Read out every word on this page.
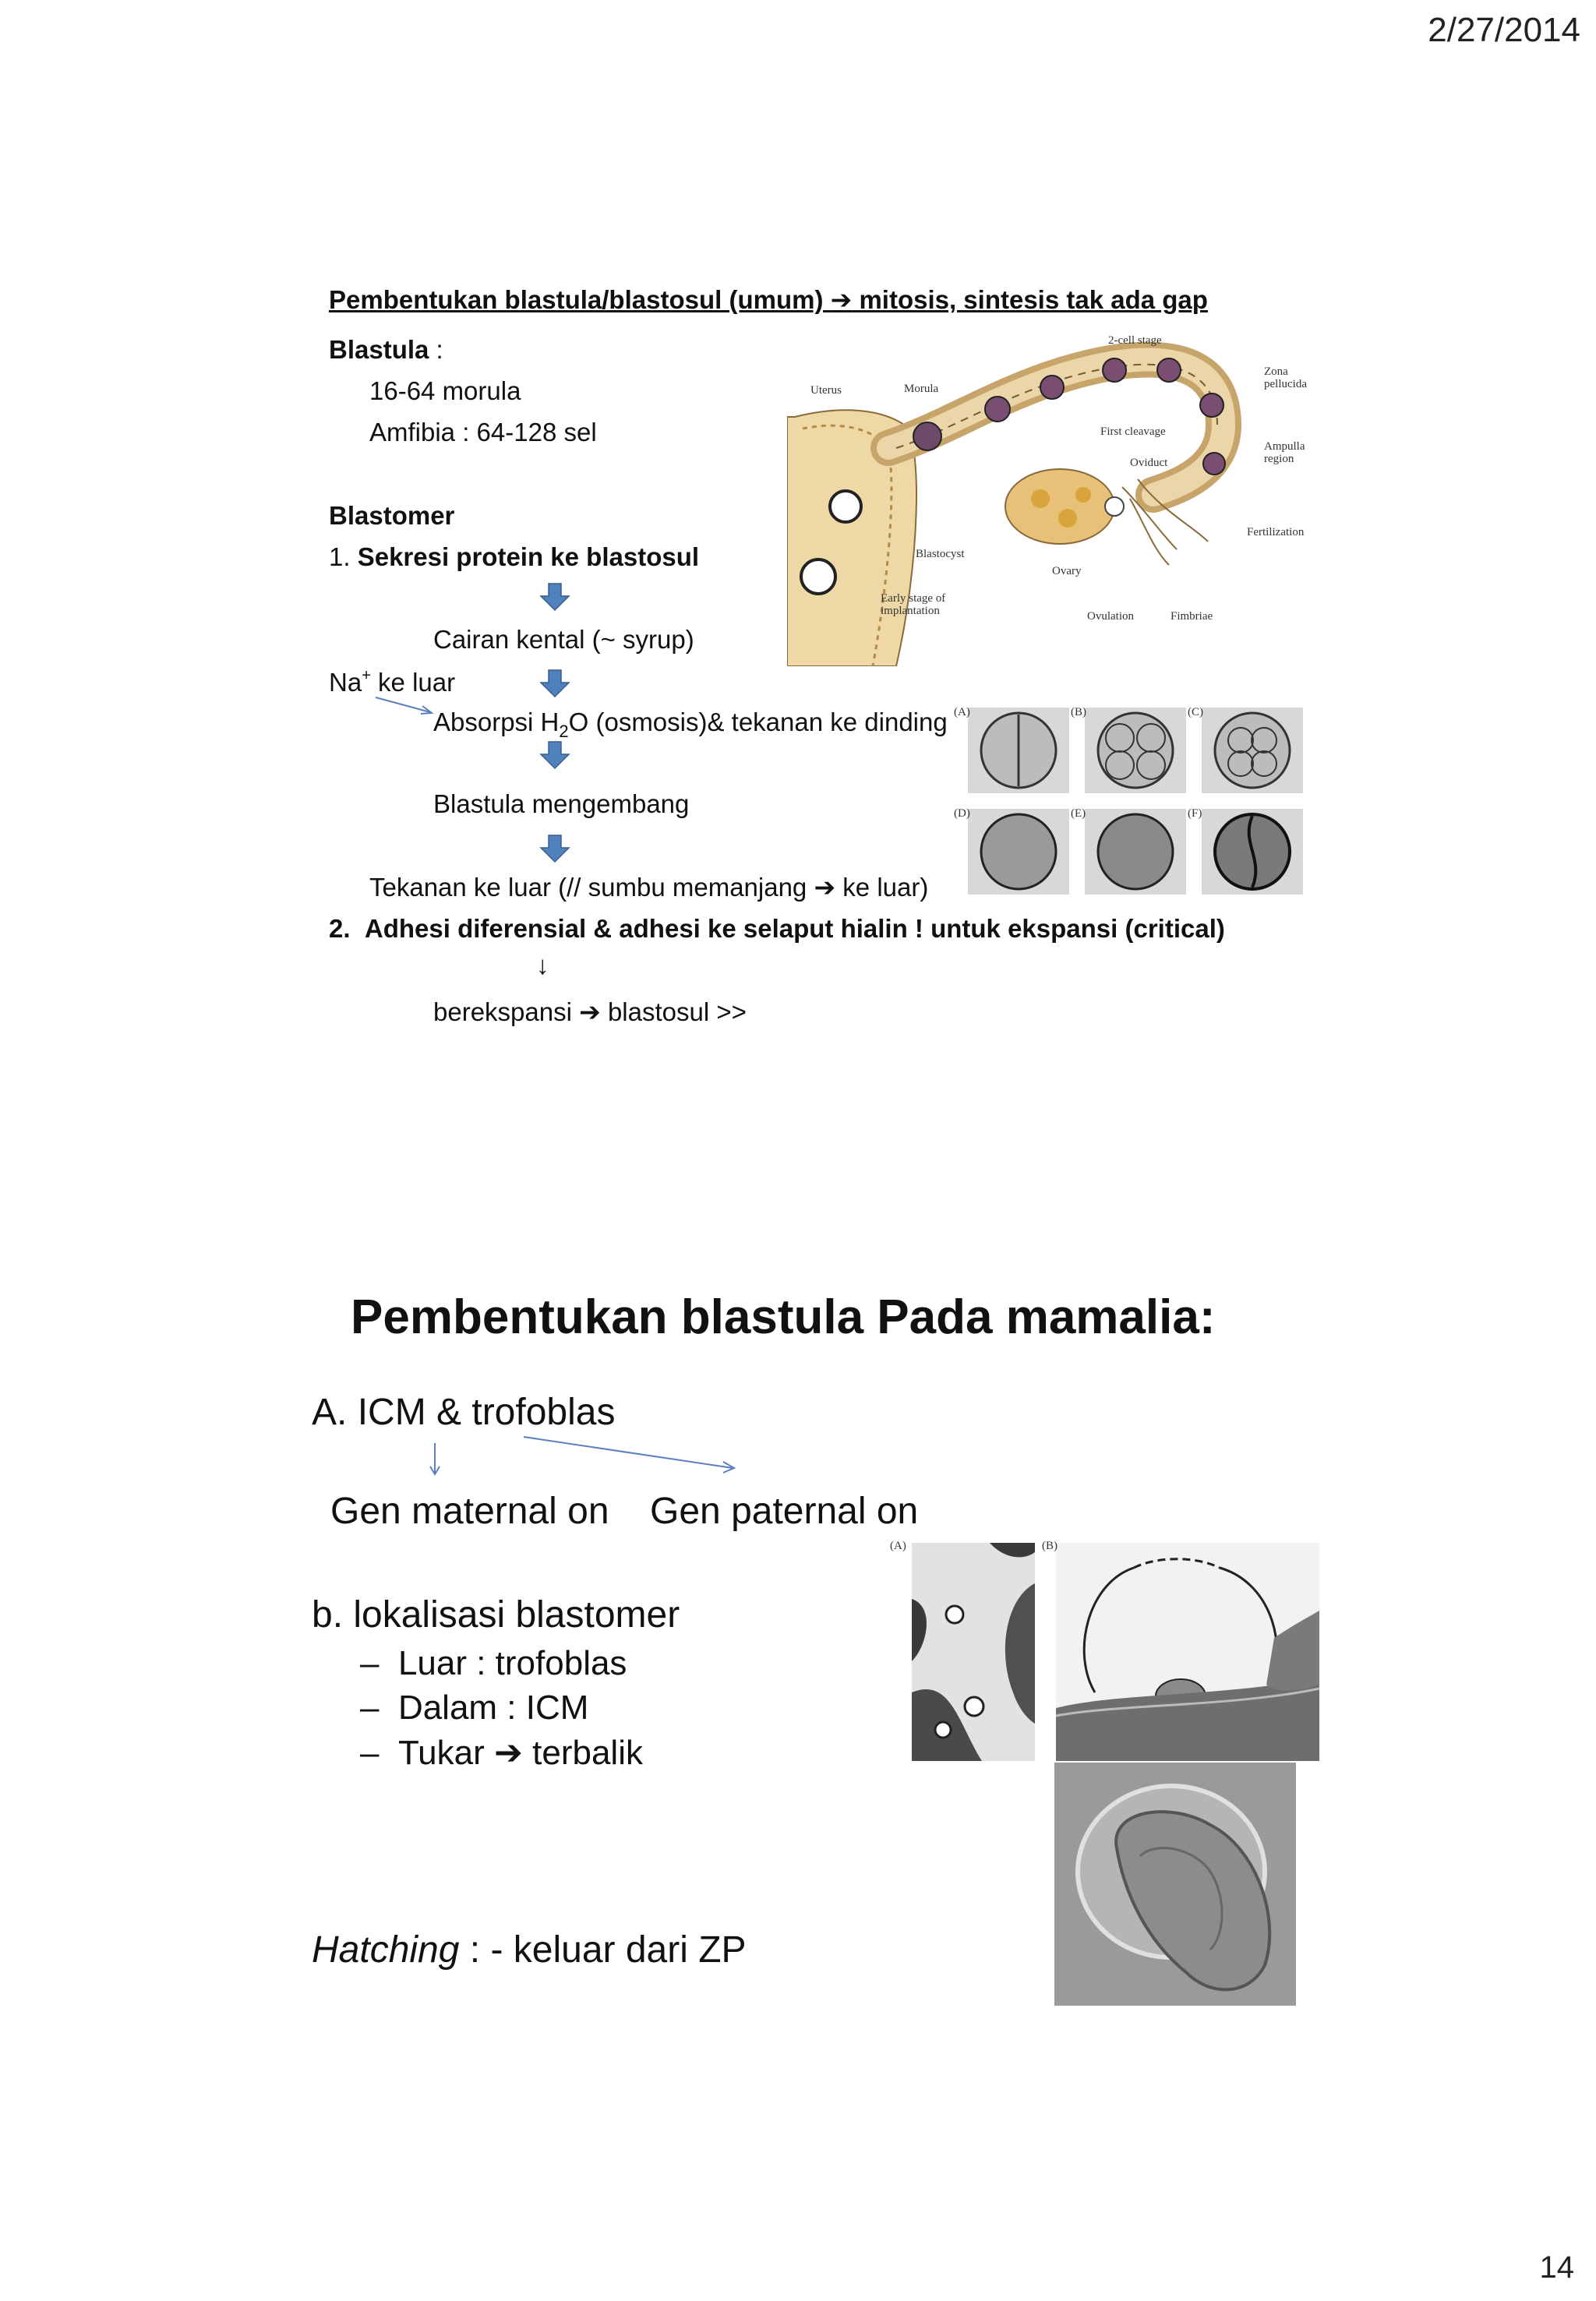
2/27/2014
14
Pembentukan blastula/blastosul (umum) ➔ mitosis, sintesis tak ada gap
Blastula :
16-64 morula
Amfibia : 64-128 sel
Blastomer
1. Sekresi protein ke blastosul
Cairan kental (~ syrup)
Na+ ke luar
Absorpsi $H_2O$ (osmosis)& tekanan ke dinding
Blastula mengembang
Tekanan ke luar (// sumbu memanjang ➔ ke luar)
2. Adhesi diferensial & adhesi ke selaput hialin ! untuk ekspansi (critical)
↓
berekspansi ➔ blastosul >>
2-cell stage
Zona
pellucida
Uterus	Morula
First cleavage
Oviduct
Ampulla
region
Fertilization
Blastocyst
Ovary
Early stage of
implantation	Ovulation	Fimbriae
(A)	(B)	(C)
(D)	(E)	(F)
Pembentukan blastula Pada mamalia:
A. ICM & trofoblas
Gen maternal on Gen paternal on
b. lokalisasi blastomer
– Luar : trofoblas
– Dalam : ICM
– Tukar ➔ terbalik
Hatching : - keluar dari ZP
(A)	(B)
